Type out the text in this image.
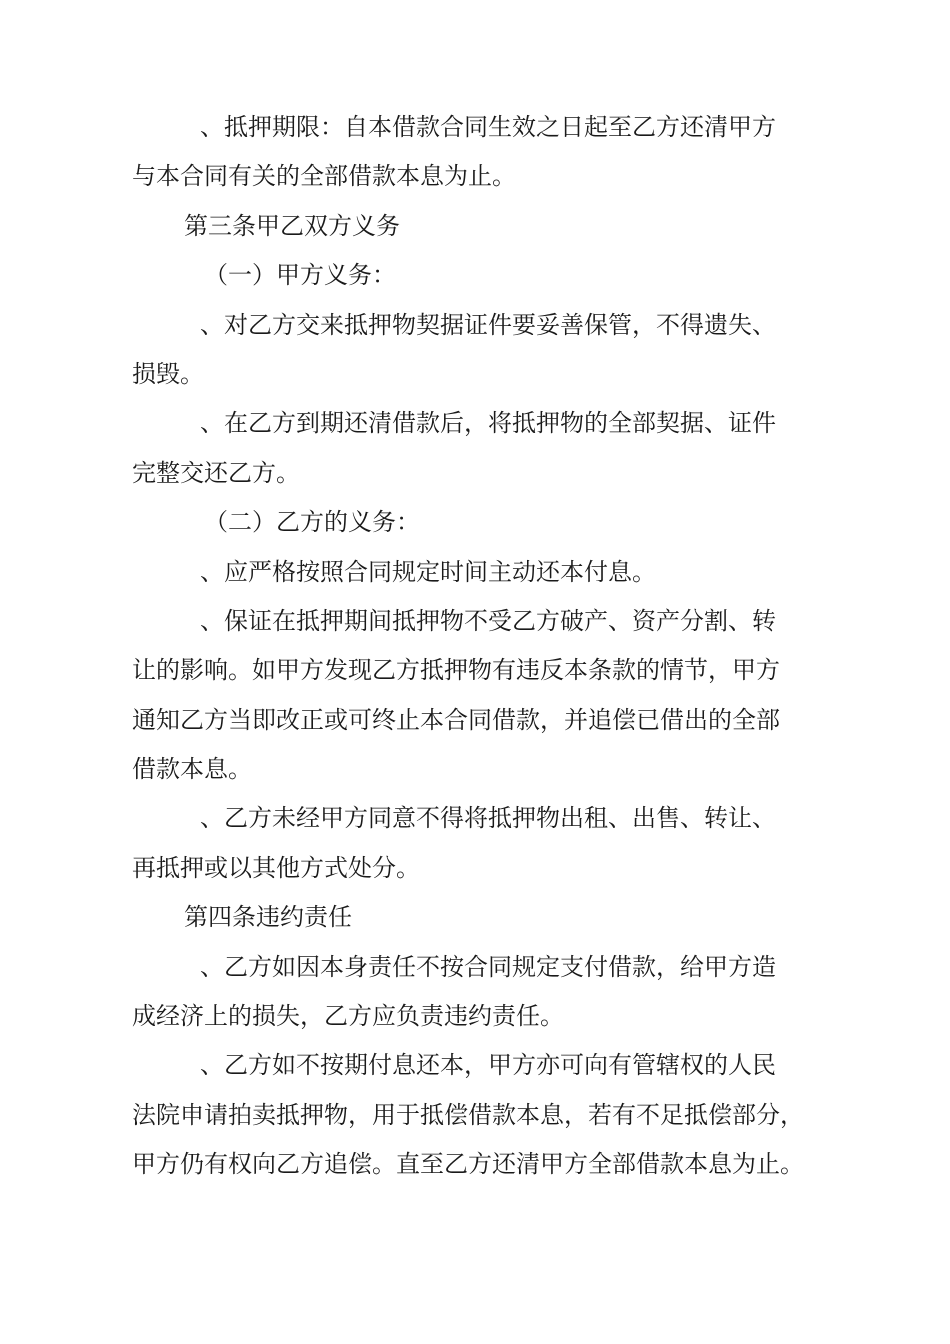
、抵押期限：自本借款合同生效之日起至乙方还清甲方
与本合同有关的全部借款本息为止。
第三条甲乙双方义务
（一）甲方义务：
、对乙方交来抵押物契据证件要妥善保管，不得遗失、
损毁。
、在乙方到期还清借款后，将抵押物的全部契据、证件
完整交还乙方。
（二）乙方的义务：
、应严格按照合同规定时间主动还本付息。
、保证在抵押期间抵押物不受乙方破产、资产分割、转
让的影响。如甲方发现乙方抵押物有违反本条款的情节，甲方
通知乙方当即改正或可终止本合同借款，并追偿已借出的全部
借款本息。
、乙方未经甲方同意不得将抵押物出租、出售、转让、
再抵押或以其他方式处分。
第四条违约责任
、乙方如因本身责任不按合同规定支付借款，给甲方造
成经济上的损失，乙方应负责违约责任。
、乙方如不按期付息还本，甲方亦可向有管辖权的人民
法院申请拍卖抵押物，用于抵偿借款本息，若有不足抵偿部分，
甲方仍有权向乙方追偿。直至乙方还清甲方全部借款本息为止。
